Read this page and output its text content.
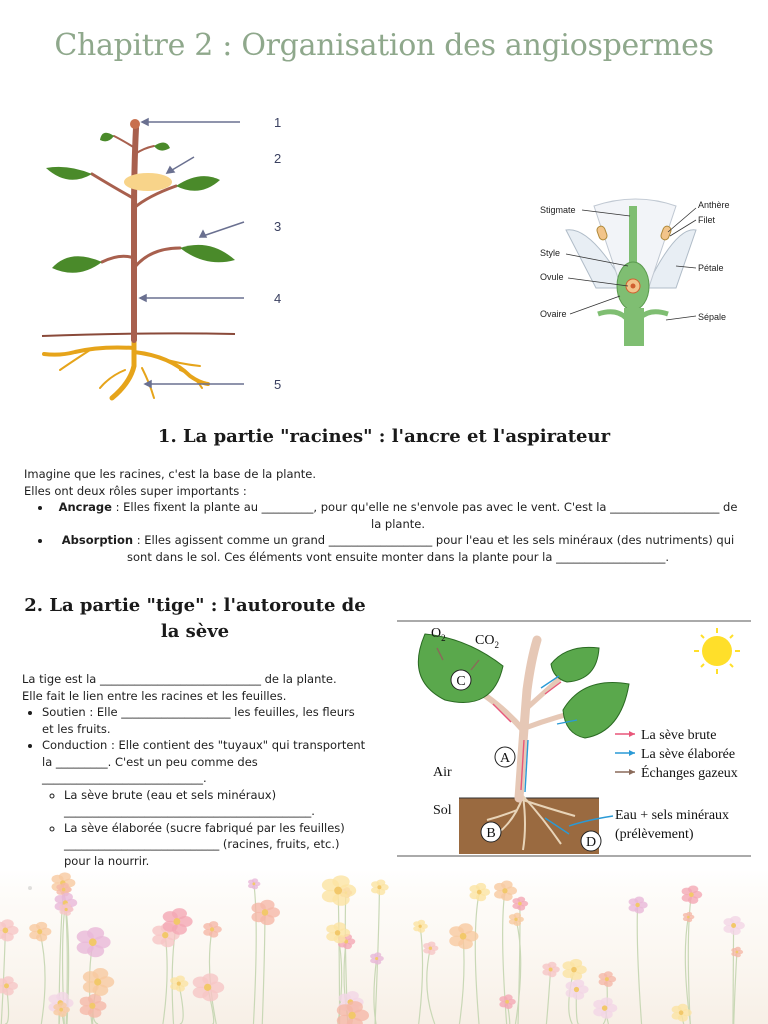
Chapitre 2 : Organisation des angiospermes
1
2
3
4
5
Stigmate	Anthère
Filet
Style
Pétale
Ovule
Ovaire	Sépale
1. La partie "racines" : l'ancre et l'aspirateur

Imagine que les racines, c'est la base de la plante.

Elles ont deux rôles super importants :

• Ancrage : Elles fixent la plante au _________, pour qu'elle ne s'envole pas avec le vent. C'est la ___________________ de la plante.
• Absorption : Elles agissent comme un grand __________________ pour l'eau et les sels minéraux (des nutriments) qui sont dans le sol. Ces éléments vont ensuite monter dans la plante pour la ___________________.
2. La partie "tige" : l'autoroute de la sève

La tige est la ____________________________ de la plante.

Elle fait le lien entre les racines et les feuilles.

• Soutien : Elle ___________________ les feuilles, les fleurs et les fruits.
• Conduction : Elle contient des "tuyaux" qui transportent la _________. C'est un peu comme des ____________________________.
◦ La sève brute (eau et sels minéraux) ___________________________________________.
◦ La sève élaborée (sucre fabriqué par les feuilles) ___________________________ (racines, fruits, etc.) pour la nourrir.
•
C
A
B
D
$O_2$ $CO_2$
Air
Sol
La sève brute
La sève élaborée
Échanges gazeux
Eau + sels minéraux
(prélèvement)
